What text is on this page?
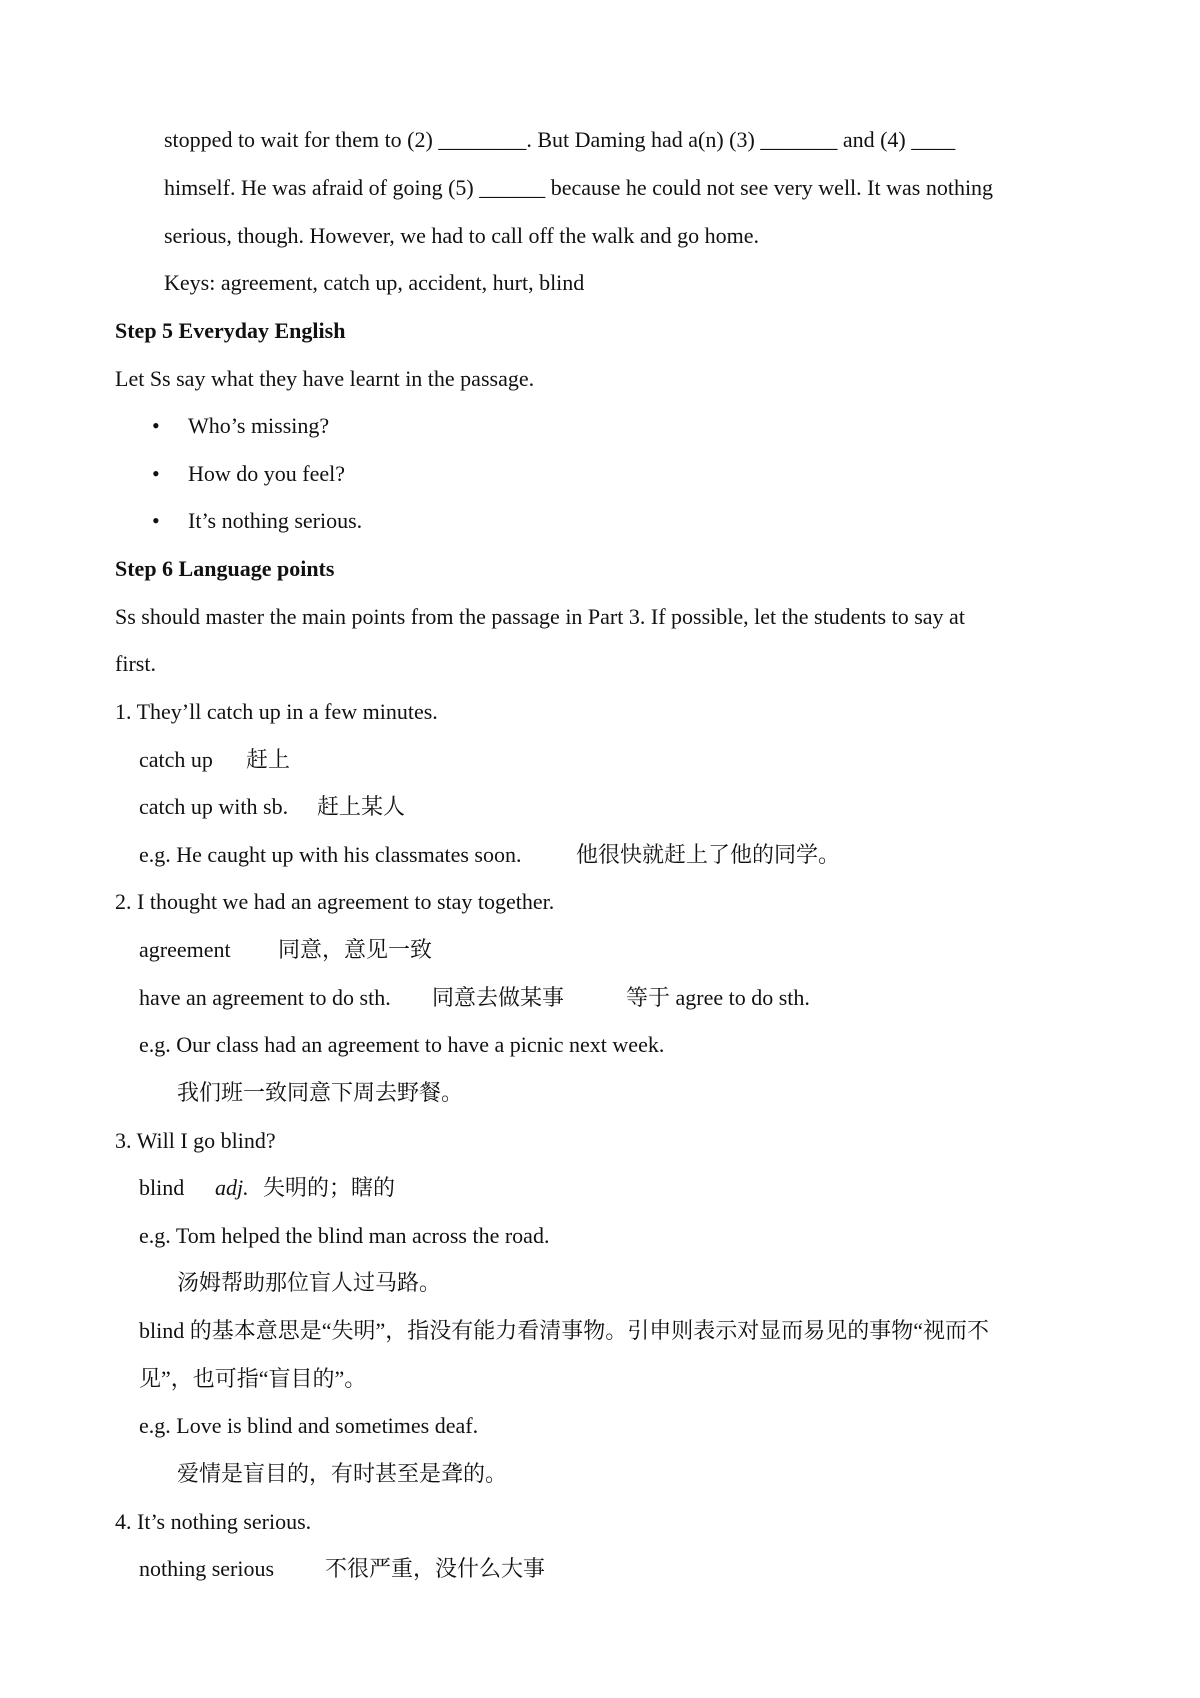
stopped to wait for them to (2) ________. But Daming had a(n) (3) _______ and (4) ____
himself. He was afraid of going (5) ______ because he could not see very well. It was nothing
serious, though. However, we had to call off the walk and go home.
Keys: agreement, catch up, accident, hurt, blind
Step 5 Everyday English
Let Ss say what they have learnt in the passage.
• Who’s missing?
• How do you feel?
• It’s nothing serious.
Step 6 Language points
Ss should master the main points from the passage in Part 3. If possible, let the students to say at
first.
1. They’ll catch up in a few minutes.
catch up 赶上
catch up with sb. 赶上某人
e.g. He caught up with his classmates soon. 他很快就赶上了他的同学。
2. I thought we had an agreement to stay together.
agreement 同意，意见一致
have an agreement to do sth. 同意去做某事	等于 agree to do sth.
e.g. Our class had an agreement to have a picnic next week.
我们班一致同意下周去野餐。
3. Will I go blind?
blind adj. 失明的；瞎的
e.g. Tom helped the blind man across the road.
汤姆帮助那位盲人过马路。
blind 的基本意思是“失明”，指没有能力看清事物。引申则表示对显而易见的事物“视而不
见”，也可指“盲目的”。
e.g. Love is blind and sometimes deaf.
爱情是盲目的，有时甚至是聋的。
4. It’s nothing serious.
nothing serious 不很严重，没什么大事
